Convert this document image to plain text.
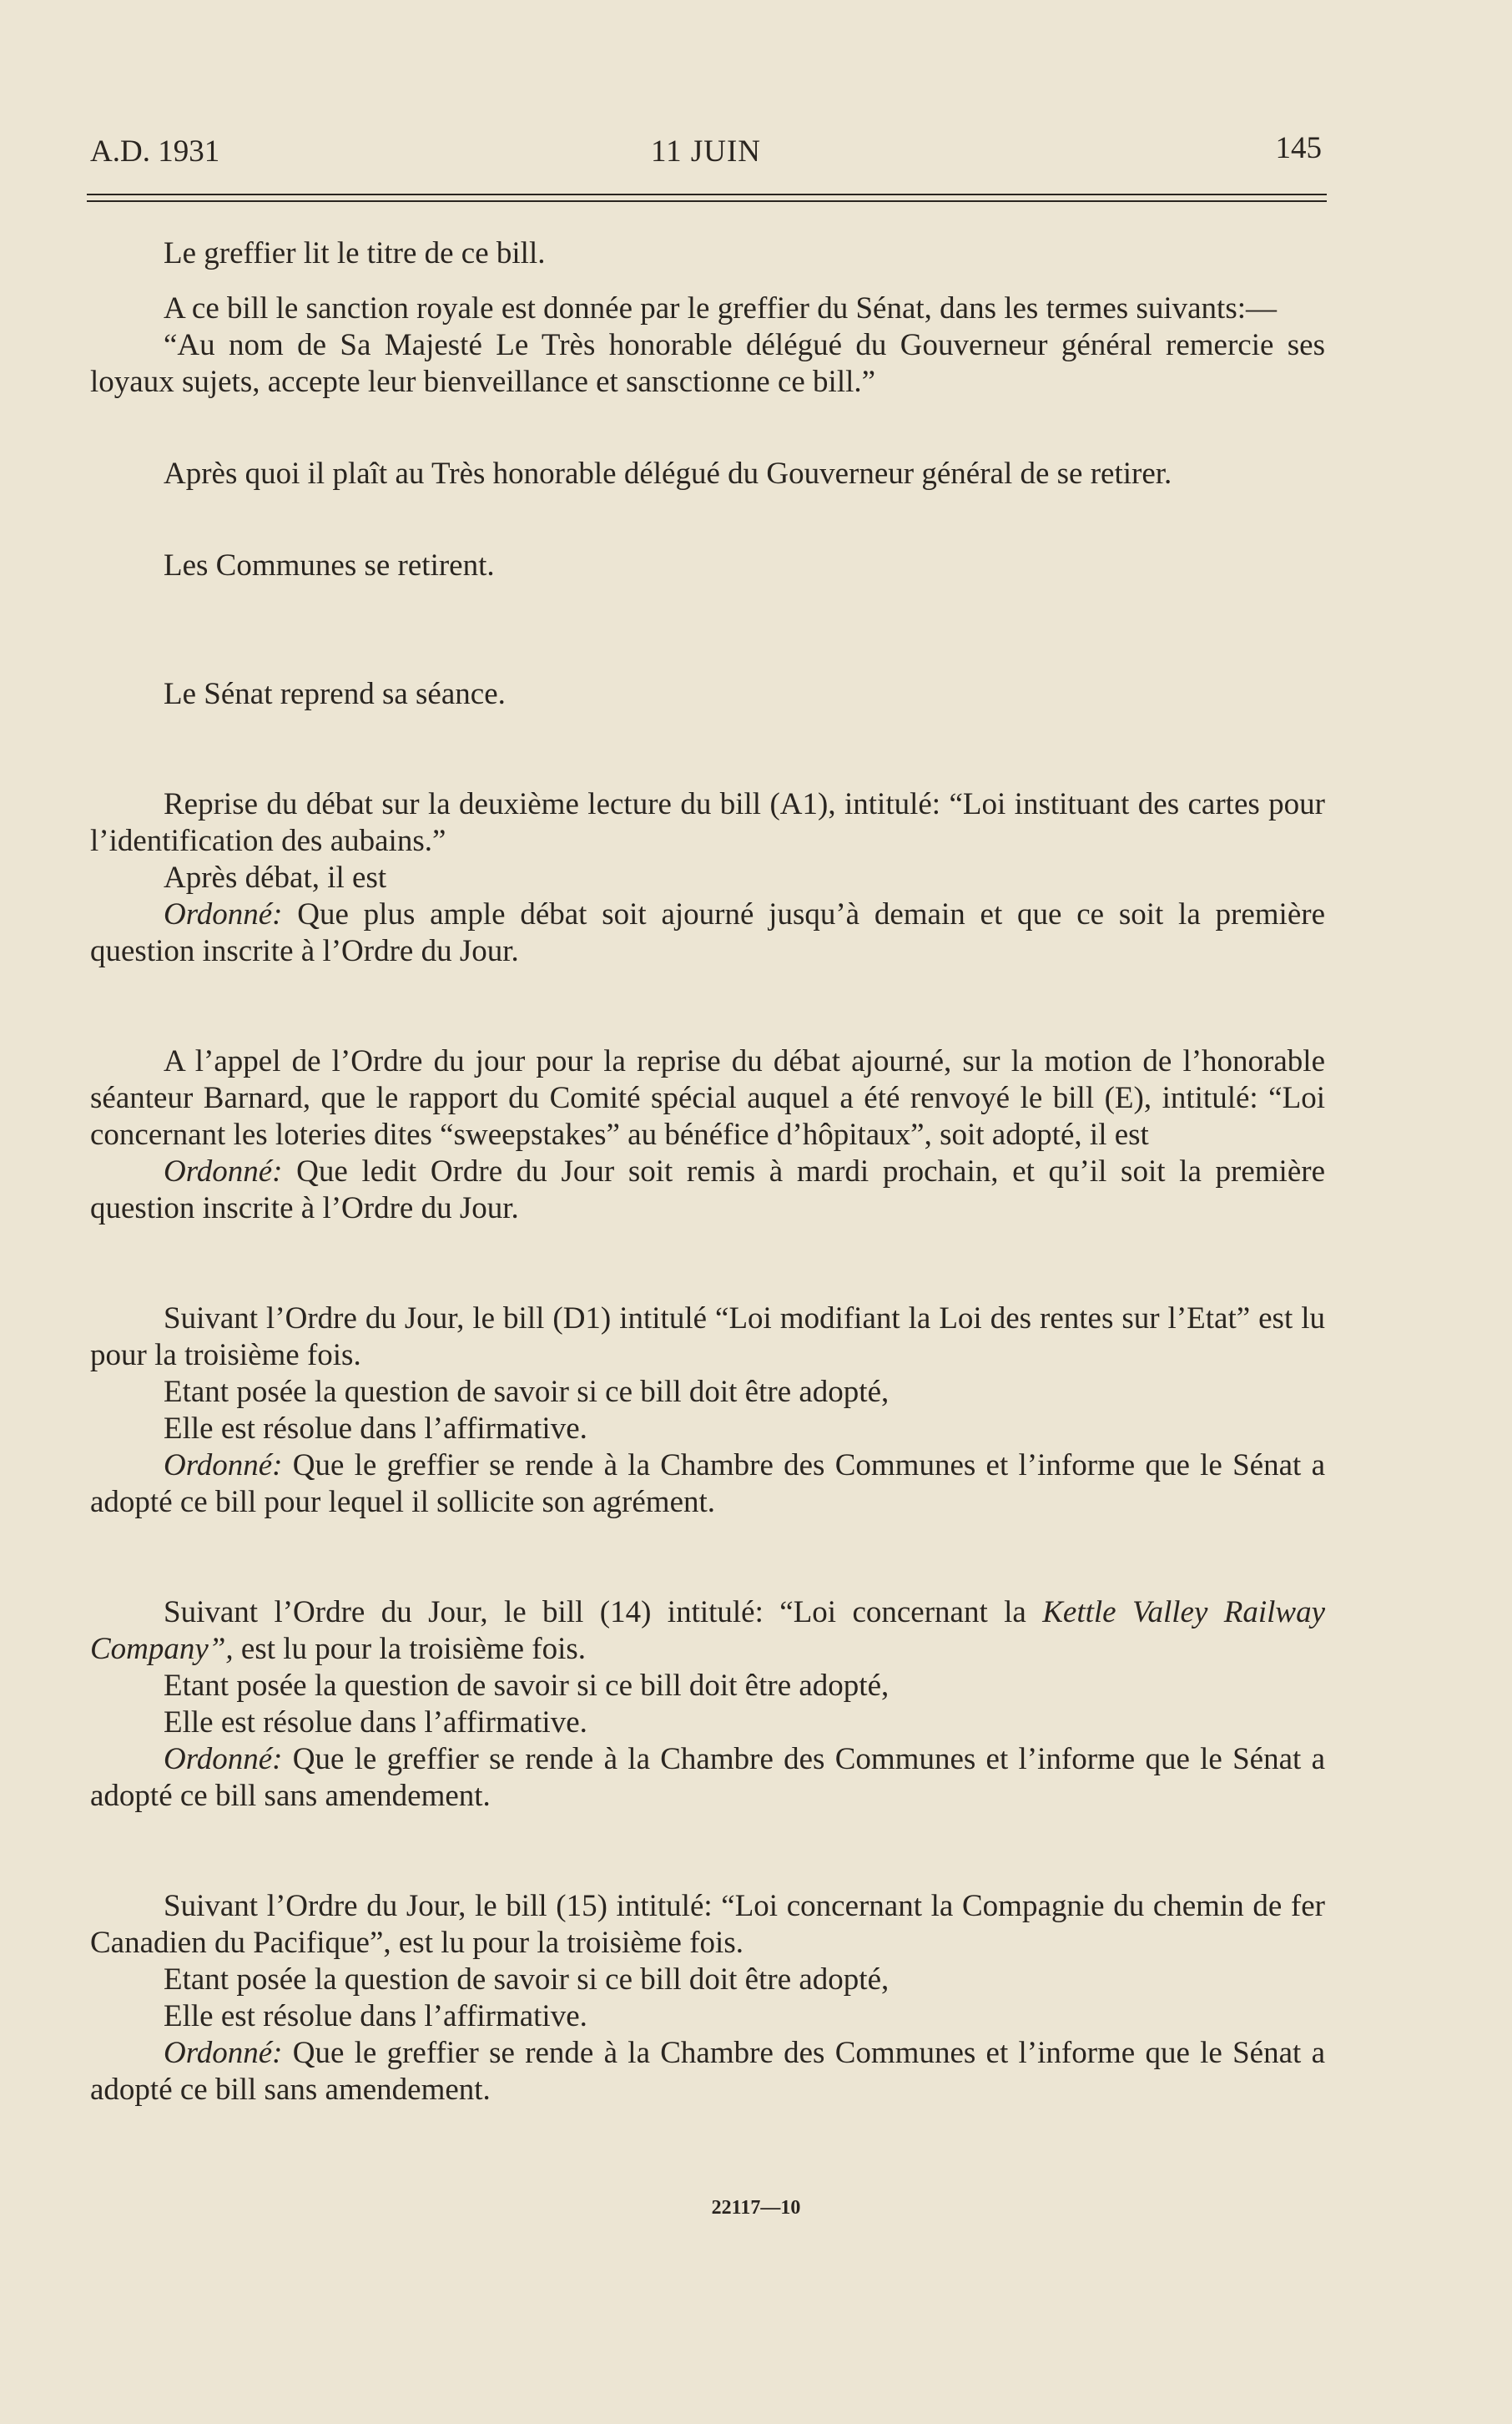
A.D. 1931	11 JUIN	145

Le greffier lit le titre de ce bill.

A ce bill le sanction royale est donnée par le greffier du Sénat, dans les termes suivants:—

“Au nom de Sa Majesté Le Très honorable délégué du Gouverneur général remercie ses loyaux sujets, accepte leur bienveillance et sansctionne ce bill.”

Après quoi il plaît au Très honorable délégué du Gouverneur général de se retirer.

Les Communes se retirent.

Le Sénat reprend sa séance.

Reprise du débat sur la deuxième lecture du bill (A1), intitulé: “Loi instituant des cartes pour l’identification des aubains.”

Après débat, il est

Ordonné: Que plus ample débat soit ajourné jusqu’à demain et que ce soit la première question inscrite à l’Ordre du Jour.

A l’appel de l’Ordre du jour pour la reprise du débat ajourné, sur la motion de l’honorable séanteur Barnard, que le rapport du Comité spécial auquel a été renvoyé le bill (E), intitulé: “Loi concernant les loteries dites “sweepstakes” au bénéfice d’hôpitaux”, soit adopté, il est

Ordonné: Que ledit Ordre du Jour soit remis à mardi prochain, et qu’il soit la première question inscrite à l’Ordre du Jour.

Suivant l’Ordre du Jour, le bill (D1) intitulé “Loi modifiant la Loi des rentes sur l’Etat” est lu pour la troisième fois.

Etant posée la question de savoir si ce bill doit être adopté,

Elle est résolue dans l’affirmative.

Ordonné: Que le greffier se rende à la Chambre des Communes et l’informe que le Sénat a adopté ce bill pour lequel il sollicite son agrément.

Suivant l’Ordre du Jour, le bill (14) intitulé: “Loi concernant la Kettle Valley Railway Company”, est lu pour la troisième fois.

Etant posée la question de savoir si ce bill doit être adopté,

Elle est résolue dans l’affirmative.

Ordonné: Que le greffier se rende à la Chambre des Communes et l’informe que le Sénat a adopté ce bill sans amendement.

Suivant l’Ordre du Jour, le bill (15) intitulé: “Loi concernant la Compagnie du chemin de fer Canadien du Pacifique”, est lu pour la troisième fois.

Etant posée la question de savoir si ce bill doit être adopté,

Elle est résolue dans l’affirmative.

Ordonné: Que le greffier se rende à la Chambre des Communes et l’informe que le Sénat a adopté ce bill sans amendement.

22117—10
